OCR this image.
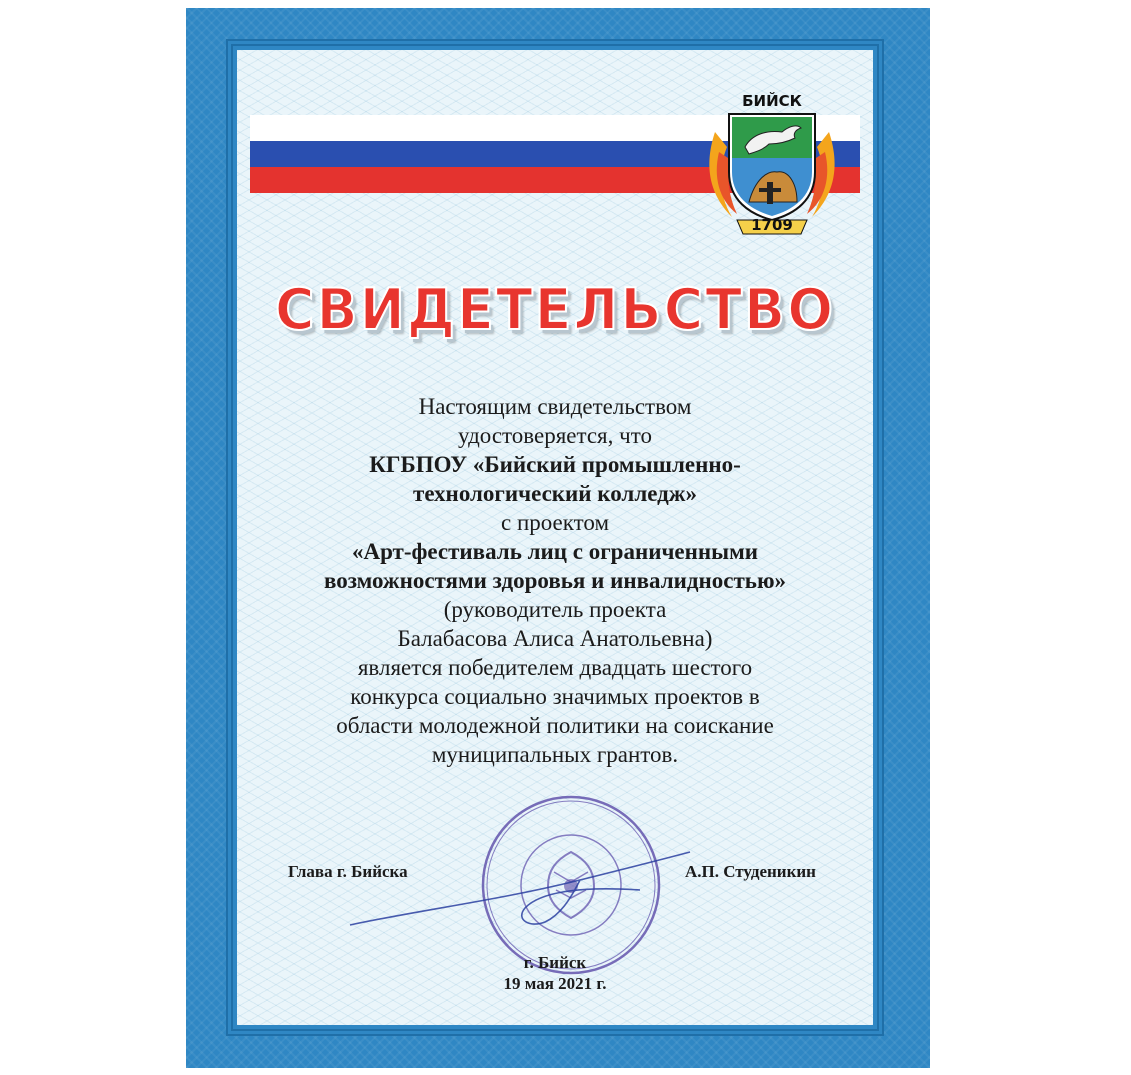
БИЙСК
1709
СВИДЕТЕЛЬСТВО
Настоящим свидетельством
удостоверяется, что
КГБПОУ «Бийский промышленно-
технологический колледж»
с проектом
«Арт-фестиваль лиц с ограниченными
возможностями здоровья и инвалидностью»
(руководитель проекта
Балабасова Алиса Анатольевна)
является победителем двадцать шестого
конкурса социально значимых проектов в
области молодежной политики на соискание
муниципальных грантов.
Глава г. Бийска	А.П. Студеникин
г. Бийск
19 мая 2021 г.
